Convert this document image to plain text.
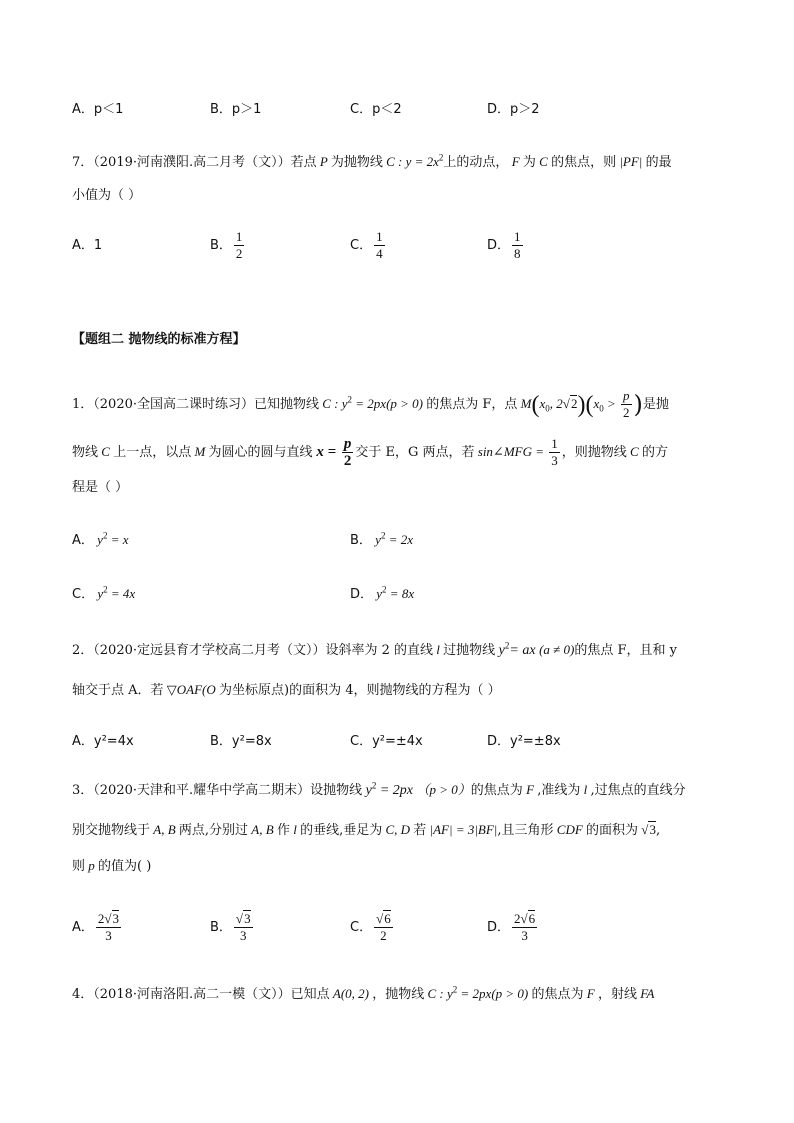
A．p＜1	B．p＞1	C．p＜2	D．p＞2
7．（2019·河南濮阳.高二月考（文））若点 P 为抛物线 C : $y = 2x^2$上的动点， F 为 C 的焦点，则 |PF| 的最
小值为（ ）
A．1	B． $\frac{1}{2}$	C． $\frac{1}{4}$	D． $\frac{1}{8}$
【题组二 抛物线的标准方程】
1．（2020·全国高二课时练习）已知抛物线 C : $y^2 = 2px(p > 0)$ 的焦点为 F，点 $M(x_0$, $2√2)(x_0 > \frac{p}{2}$ )是抛
物线 C 上一点，以点 M 为圆心的圆与直线 $x = \frac{p}{2}$ 交于 E，G 两点，若 sin∠MFG = $\frac{1}{3}$ ，则抛物线 C 的方
程是（ ）
A． $y^2 = x$	B． $y^2 = 2x$
C． $y^2 = 4x$	D． $y^2 = 8x$
2．（2020·定远县育才学校高二月考（文））设斜率为 2 的直线 l 过抛物线 $y^2=$ ax (a ≠ 0)的焦点 F，且和 y
轴交于点 A．若 ▽OAF(O 为坐标原点)的面积为 4，则抛物线的方程为（ ）
A．y²=4x	B．y²=8x	C．y²=±4x	D．y²=±8x
3．（2020·天津和平.耀华中学高二期末）设抛物线 $y^2 = 2px$ （p > 0）的焦点为 F ,准线为 l ,过焦点的直线分
别交抛物线于 A, B 两点,分别过 A, B 作 l 的垂线,垂足为 C, D 若 |AF| = 3|BF|,且三角形 CDF 的面积为 √3,
则 p 的值为( )
A． $\frac{2√3}{3}$	B． $\frac{√3}{3}$	C． $\frac{√6}{2}$	D． $\frac{2√6}{3}$
4．（2018·河南洛阳.高二一模（文））已知点 A(0, 2) ，抛物线 C : $y^2 = 2px(p > 0)$ 的焦点为 F ，射线 FA
